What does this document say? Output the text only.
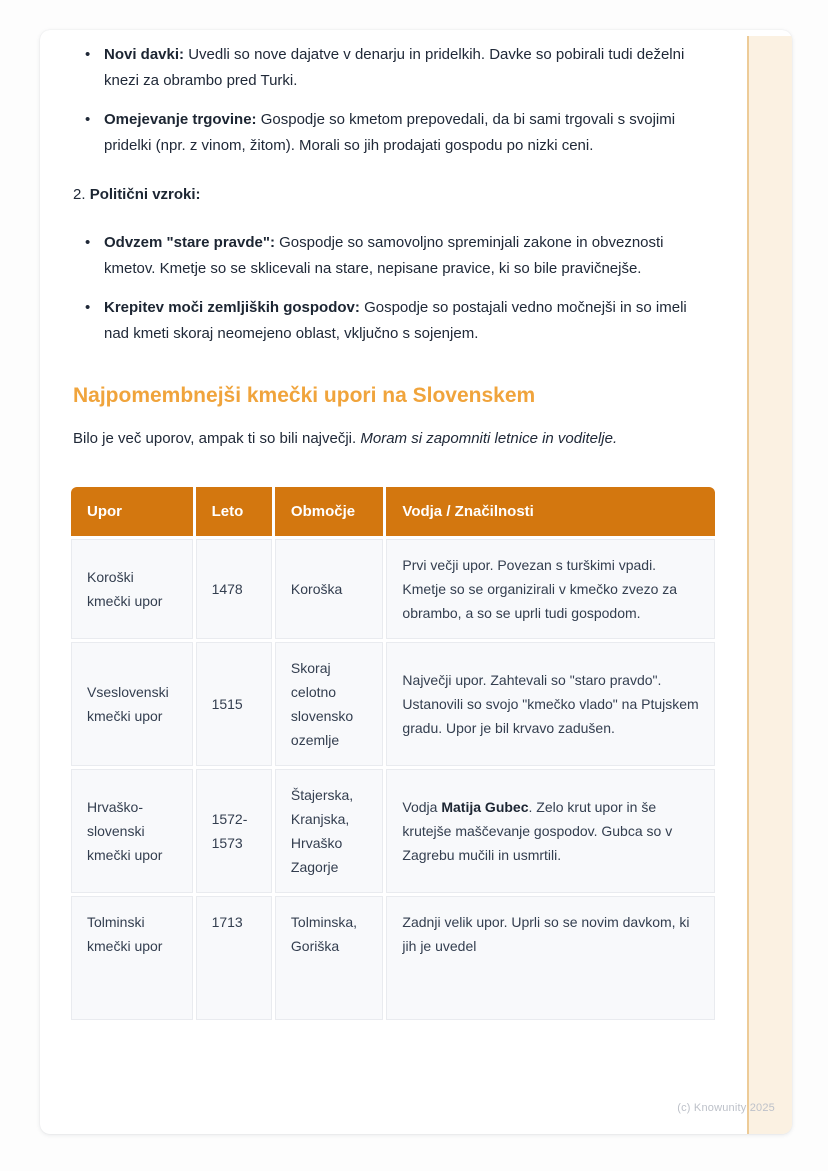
• Novi davki: Uvedli so nove dajatve v denarju in pridelkih. Davke so pobirali tudi deželni knezi za obrambo pred Turki.
• Omejevanje trgovine: Gospodje so kmetom prepovedali, da bi sami trgovali s svojimi pridelki (npr. z vinom, žitom). Morali so jih prodajati gospodu po nizki ceni.
2. Politični vzroki:
• Odvzem "stare pravde": Gospodje so samovoljno spreminjali zakone in obveznosti kmetov. Kmetje so se sklicevali na stare, nepisane pravice, ki so bile pravičnejše.
• Krepitev moči zemljiških gospodov: Gospodje so postajali vedno močnejši in so imeli nad kmeti skoraj neomejeno oblast, vključno s sojenjem.
Najpomembnejši kmečki upori na Slovenskem

Bilo je več uporov, ampak ti so bili največji. Moram si zapomniti letnice in voditelje.

Upor	Leto	Območje	Vodja / Značilnosti
Koroški kmečki upor	1478	Koroška	Prvi večji upor. Povezan s turškimi vpadi. Kmetje so se organizirali v kmečko zvezo za obrambo, a so se uprli tudi gospodom.
Vseslovenski kmečki upor	1515	Skoraj celotno slovensko ozemlje	Največji upor. Zahtevali so "staro pravdo". Ustanovili so svojo "kmečko vlado" na Ptujskem gradu. Upor je bil krvavo zadušen.
Hrvaško-slovenski kmečki upor	1572-1573	Štajerska, Kranjska, Hrvaško Zagorje	Vodja Matija Gubec. Zelo krut upor in še krutejše maščevanje gospodov. Gubca so v Zagrebu mučili in usmrtili.
Tolminski kmečki upor	1713	Tolminska, Goriška	Zadnji velik upor. Uprli so se novim davkom, ki jih je uvedel
(c) Knowunity 2025
